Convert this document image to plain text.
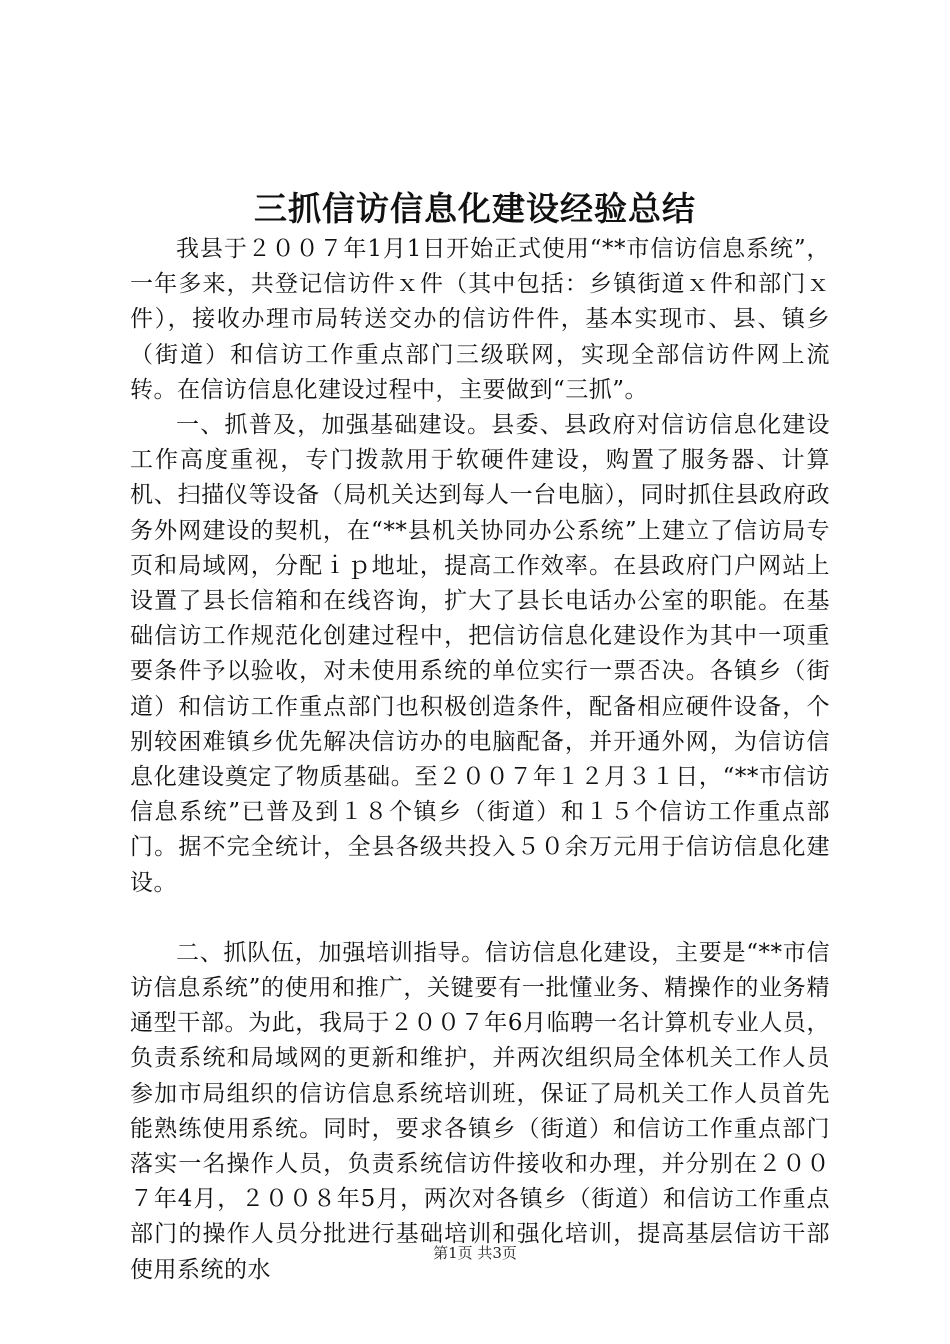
三抓信访信息化建设经验总结

我县于２００７年1月1日开始正式使用“**市信访信息系统”，一年多来，共登记信访件ｘ件（其中包括：乡镇街道ｘ件和部门ｘ件），接收办理市局转送交办的信访件件，基本实现市、县、镇乡（街道）和信访工作重点部门三级联网，实现全部信访件网上流转。在信访信息化建设过程中，主要做到“三抓”。

一、抓普及，加强基础建设。县委、县政府对信访信息化建设工作高度重视，专门拨款用于软硬件建设，购置了服务器、计算机、扫描仪等设备（局机关达到每人一台电脑），同时抓住县政府政务外网建设的契机，在“**县机关协同办公系统”上建立了信访局专页和局域网，分配ｉｐ地址，提高工作效率。在县政府门户网站上设置了县长信箱和在线咨询，扩大了县长电话办公室的职能。在基础信访工作规范化创建过程中，把信访信息化建设作为其中一项重要条件予以验收，对未使用系统的单位实行一票否决。各镇乡（街道）和信访工作重点部门也积极创造条件，配备相应硬件设备，个别较困难镇乡优先解决信访办的电脑配备，并开通外网，为信访信息化建设奠定了物质基础。至２００７年１２月３１日，“**市信访信息系统”已普及到１８个镇乡（街道）和１５个信访工作重点部门。据不完全统计，全县各级共投入５０余万元用于信访信息化建设。

二、抓队伍，加强培训指导。信访信息化建设，主要是“**市信访信息系统”的使用和推广，关键要有一批懂业务、精操作的业务精通型干部。为此，我局于２００７年6月临聘一名计算机专业人员，负责系统和局域网的更新和维护，并两次组织局全体机关工作人员参加市局组织的信访信息系统培训班，保证了局机关工作人员首先能熟练使用系统。同时，要求各镇乡（街道）和信访工作重点部门落实一名操作人员，负责系统信访件接收和办理，并分别在２００７年4月，２００８年5月，两次对各镇乡（街道）和信访工作重点部门的操作人员分批进行基础培训和强化培训，提高基层信访干部使用系统的水

第1页 共3页
